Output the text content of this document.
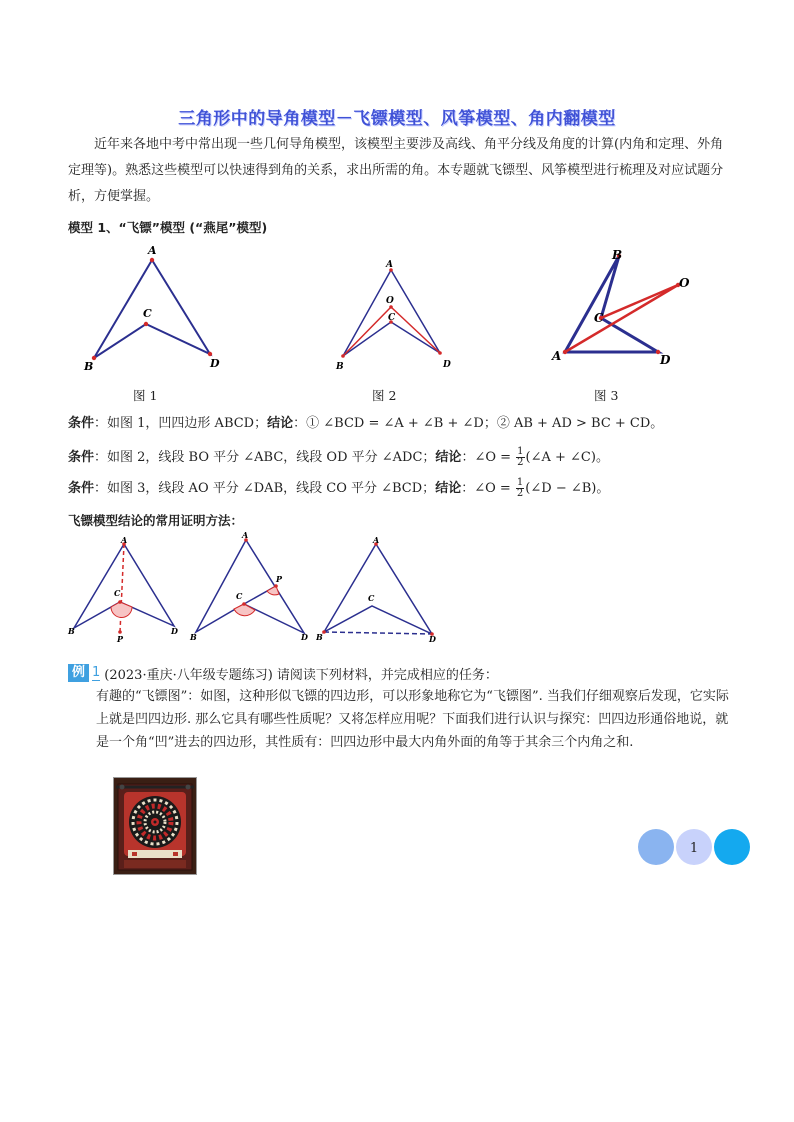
三角形中的导角模型－飞镖模型、风筝模型、角内翻模型
近年来各地中考中常出现一些几何导角模型，该模型主要涉及高线、角平分线及角度的计算(内角和定理、外角定理等)。熟悉这些模型可以快速得到角的关系，求出所需的角。本专题就飞镖型、风筝模型进行梳理及对应试题分析，方便掌握。
模型 1、“飞镖”模型 (“燕尾”模型)
A
B
C
D
A
O
C
B	D
B
O
C
A	D
图 1	图 2	图 3
条件：如图 1，凹四边形 ABCD；结论：① ∠BCD = ∠A + ∠B + ∠D；② AB + AD > BC + CD。
条件：如图 2，线段 BO 平分 ∠ABC，线段 OD 平分 ∠ADC；结论：∠O = $\frac{1}{2}$ (∠A + ∠C)。
条件：如图 3，线段 AO 平分 ∠DAB，线段 CO 平分 ∠BCD；结论：∠O = $\frac{1}{2}$ (∠D − ∠B)。
飞镖模型结论的常用证明方法：
A
C
B	D
P
A
C
P
B	D
A
C
B	D
例 1 (2023·重庆·八年级专题练习) 请阅读下列材料，并完成相应的任务：
有趣的“飞镖图”：如图，这种形似飞镖的四边形，可以形象地称它为“飞镖图”. 当我们仔细观察后发现，它实际上就是凹四边形. 那么它具有哪些性质呢？又将怎样应用呢？下面我们进行认识与探究：凹四边形通俗地说，就是一个角“凹”进去的四边形，其性质有：凹四边形中最大内角外面的角等于其余三个内角之和.
1
